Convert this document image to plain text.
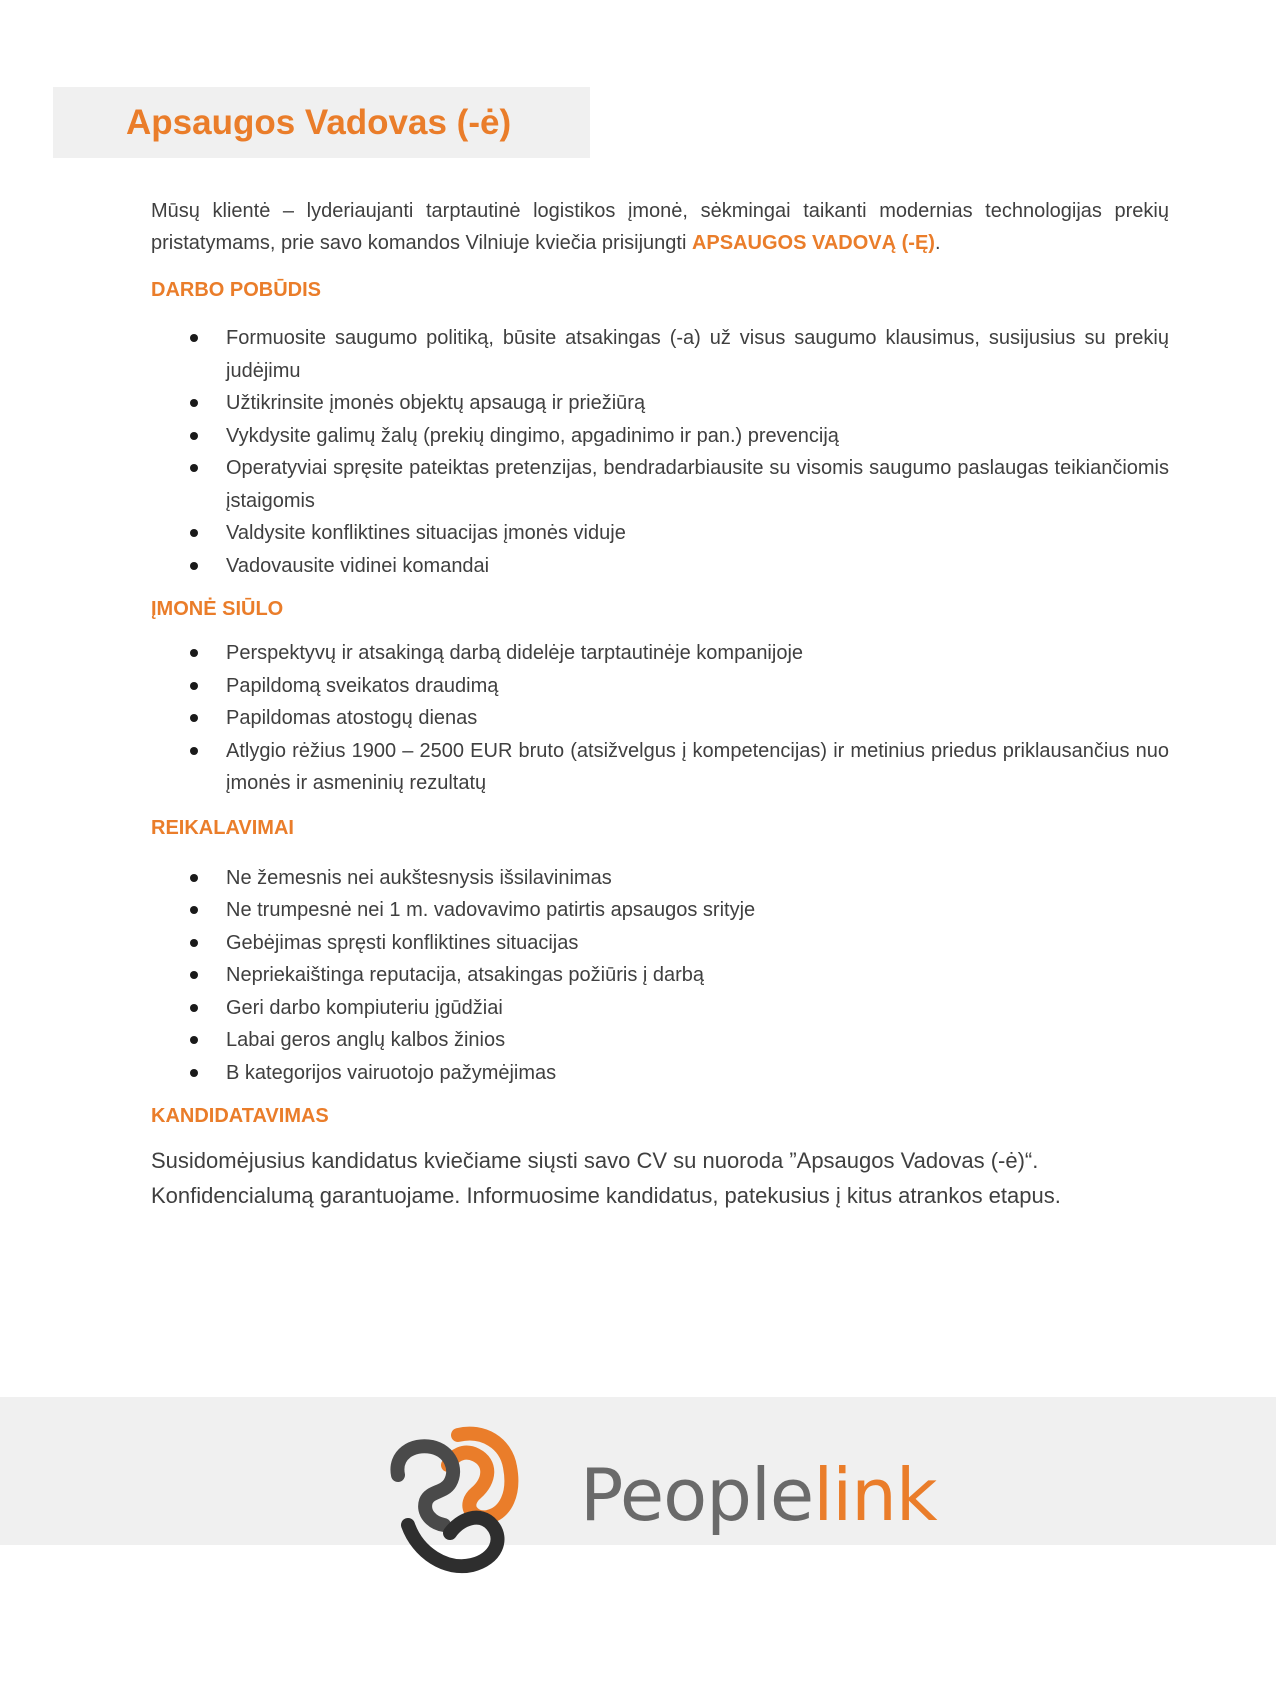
Apsaugos Vadovas (-ė)

Mūsų klientė – lyderiaujanti tarptautinė logistikos įmonė, sėkmingai taikanti modernias technologijas prekių pristatymams, prie savo komandos Vilniuje kviečia prisijungti APSAUGOS VADOVĄ (-Ę).

DARBO POBŪDIS
Formuosite saugumo politiką, būsite atsakingas (-a) už visus saugumo klausimus, susijusius su prekių judėjimu
Užtikrinsite įmonės objektų apsaugą ir priežiūrą
Vykdysite galimų žalų (prekių dingimo, apgadinimo ir pan.) prevenciją
Operatyviai spręsite pateiktas pretenzijas, bendradarbiausite su visomis saugumo paslaugas teikiančiomis įstaigomis
Valdysite konfliktines situacijas įmonės viduje
Vadovausite vidinei komandai
ĮMONĖ SIŪLO
Perspektyvų ir atsakingą darbą didelėje tarptautinėje kompanijoje
Papildomą sveikatos draudimą
Papildomas atostogų dienas
Atlygio rėžius 1900 – 2500 EUR bruto (atsižvelgus į kompetencijas) ir metinius priedus priklausančius nuo įmonės ir asmeninių rezultatų
REIKALAVIMAI
Ne žemesnis nei aukštesnysis išsilavinimas
Ne trumpesnė nei 1 m. vadovavimo patirtis apsaugos srityje
Gebėjimas spręsti konfliktines situacijas
Nepriekaištinga reputacija, atsakingas požiūris į darbą
Geri darbo kompiuteriu įgūdžiai
Labai geros anglų kalbos žinios
B kategorijos vairuotojo pažymėjimas
KANDIDATAVIMAS

Susidomėjusius kandidatus kviečiame siųsti savo CV su nuoroda ”Apsaugos Vadovas (-ė)“.
Konfidencialumą garantuojame. Informuosime kandidatus, patekusius į kitus atrankos etapus.

Peoplelink
